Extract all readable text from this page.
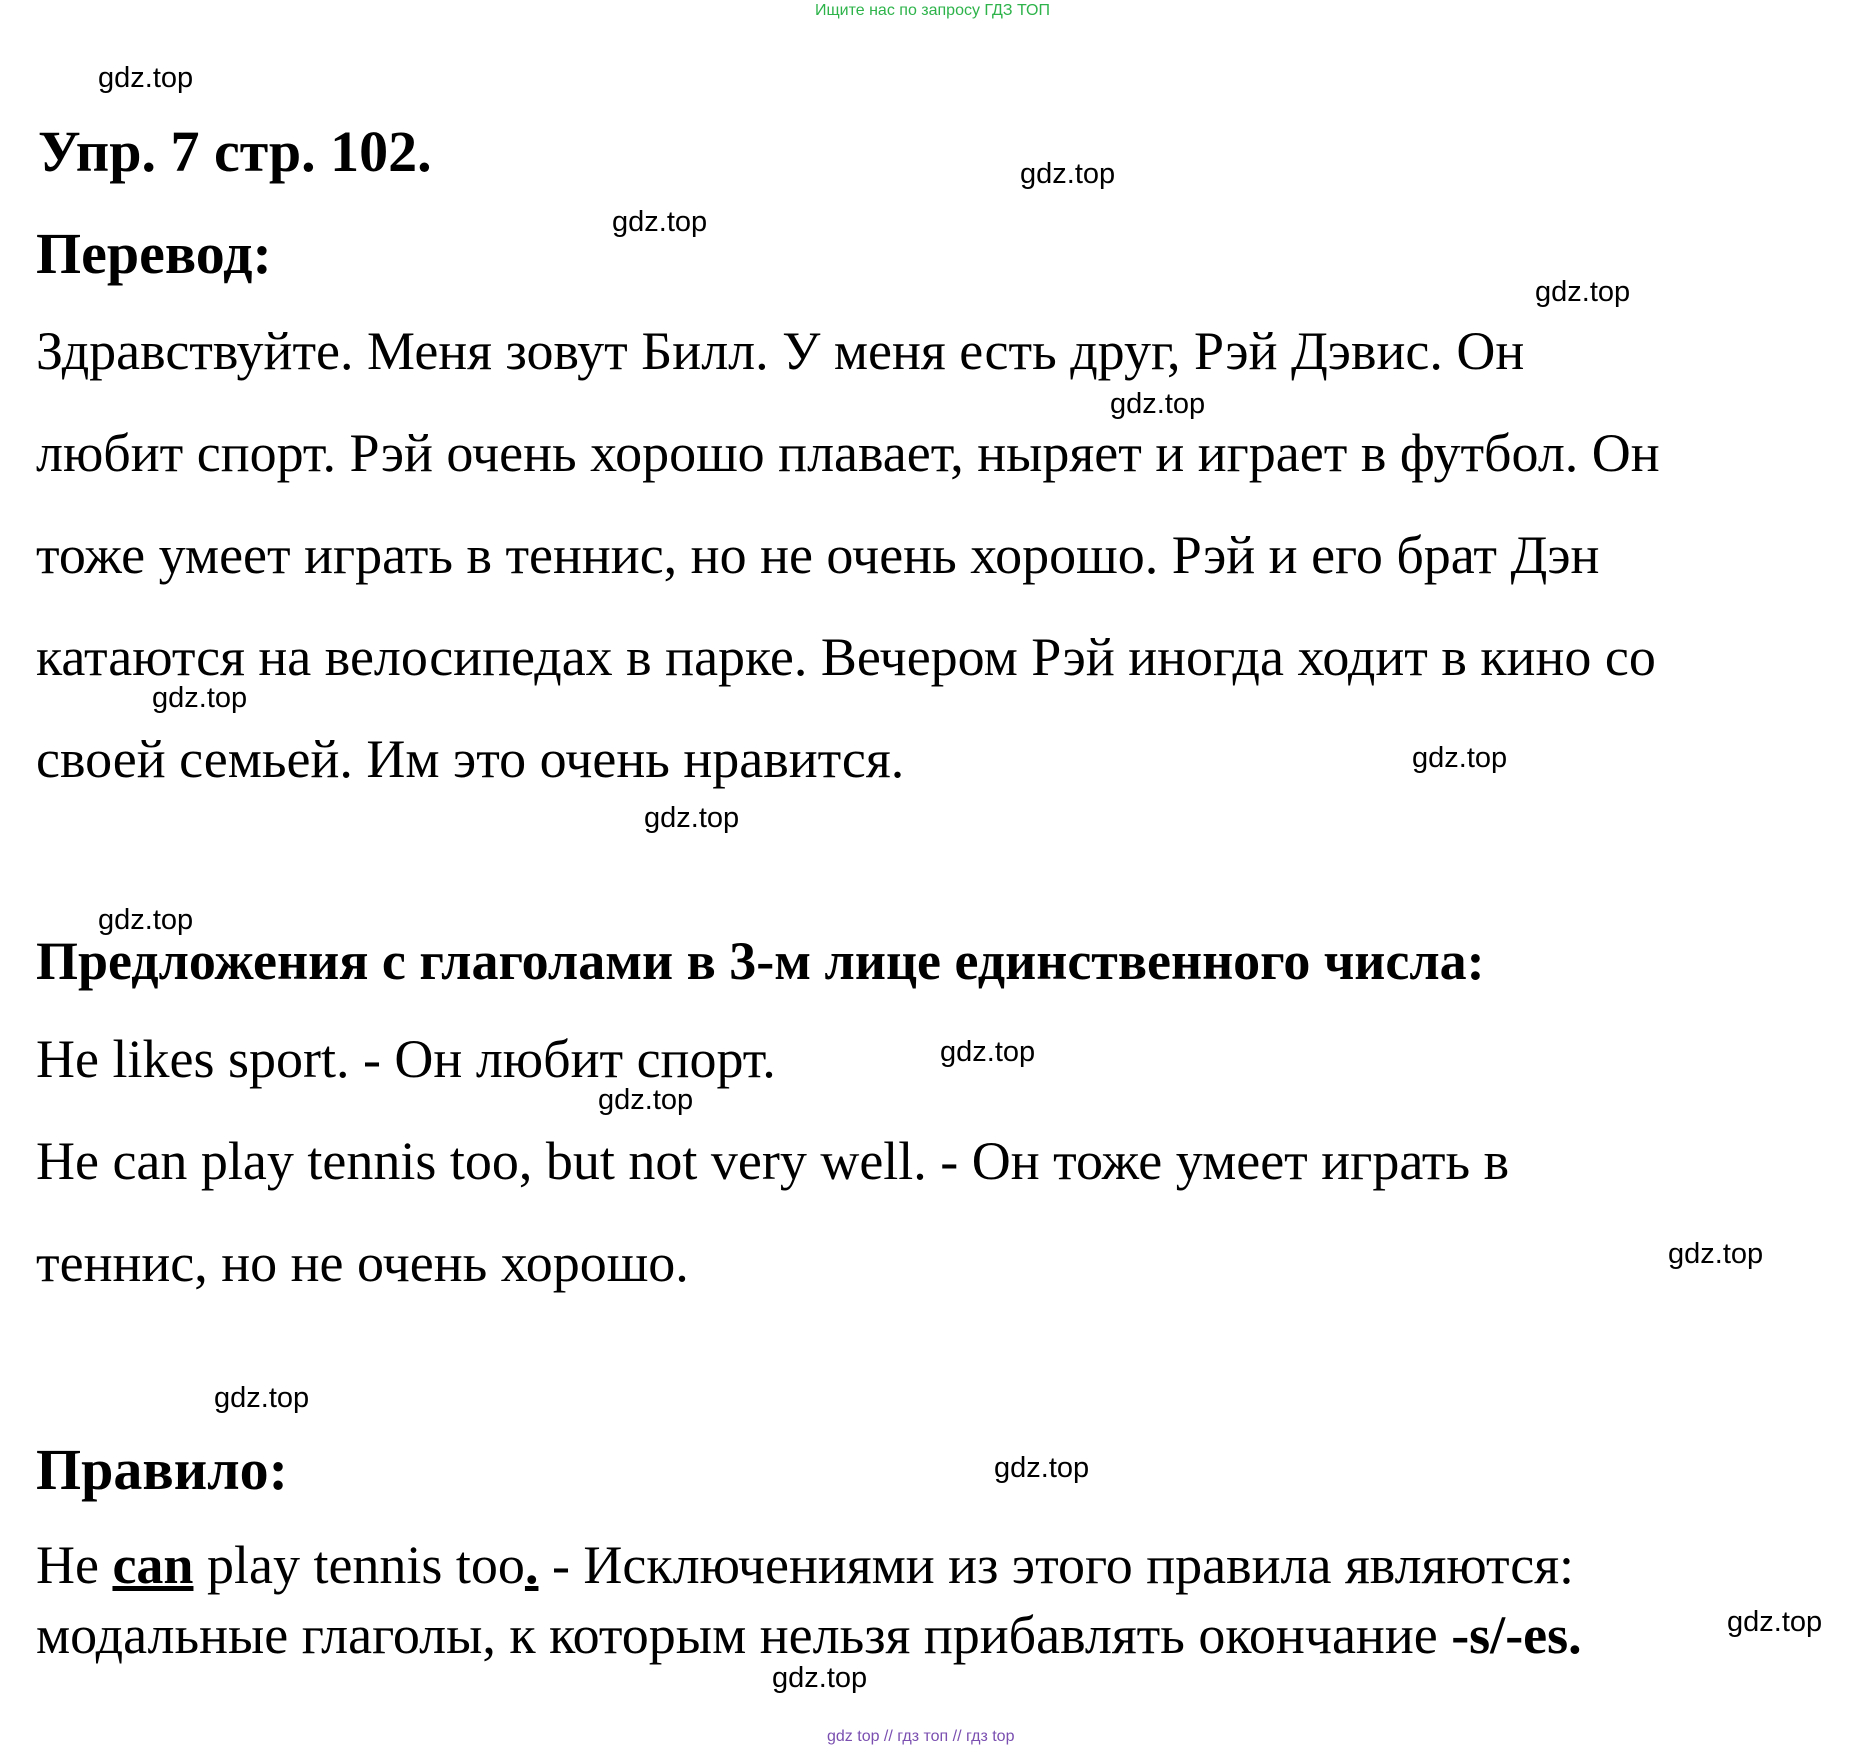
Ищите нас по запросу ГДЗ ТОП
gdz.top
gdz.top
gdz.top
gdz.top
gdz.top
gdz.top
gdz.top
gdz.top
gdz.top
gdz.top
gdz.top
gdz.top
gdz.top
gdz.top
gdz.top
gdz.top
Упр. 7 стр. 102.
Перевод:
Здравствуйте. Меня зовут Билл. У меня есть друг, Рэй Дэвис. Он
любит спорт. Рэй очень хорошо плавает, ныряет и играет в футбол. Он
тоже умеет играть в теннис, но не очень хорошо. Рэй и его брат Дэн
катаются на велосипедах в парке. Вечером Рэй иногда ходит в кино со
своей семьей. Им это очень нравится.
Предложения с глаголами в 3-м лице единственного числа:
He likes sport. - Он любит спорт.
He can play tennis too, but not very well. - Он тоже умеет играть в
теннис, но не очень хорошо.
Правило:
He can play tennis too. - Исключениями из этого правила являются:
модальные глаголы, к которым нельзя прибавлять окончание -s/-es.
gdz top // гдз топ // гдз top
